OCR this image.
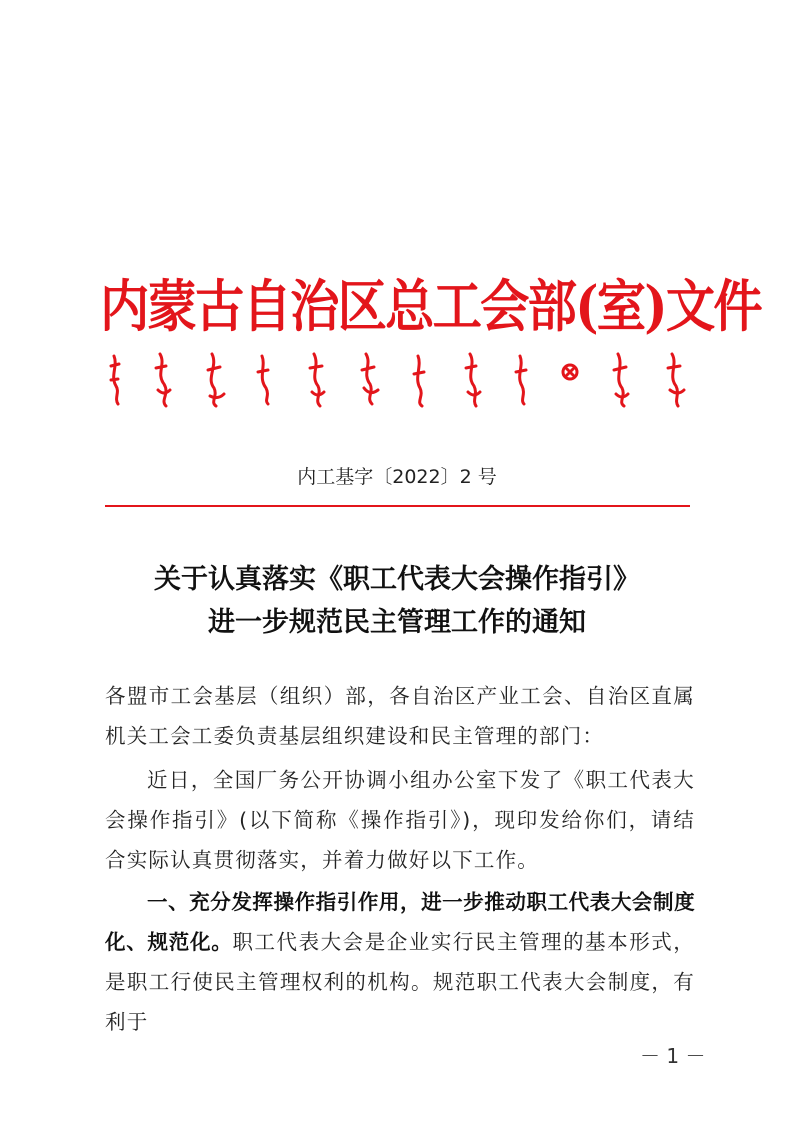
内蒙古自治区总工会部(室)文件
内工基字〔2022〕2 号
关于认真落实《职工代表大会操作指引》
进一步规范民主管理工作的通知
各盟市工会基层（组织）部，各自治区产业工会、自治区直属机关工会工委负责基层组织建设和民主管理的部门：
近日，全国厂务公开协调小组办公室下发了《职工代表大会操作指引》(以下简称《操作指引》)，现印发给你们，请结合实际认真贯彻落实，并着力做好以下工作。
一、充分发挥操作指引作用，进一步推动职工代表大会制度化、规范化。职工代表大会是企业实行民主管理的基本形式，是职工行使民主管理权利的机构。规范职工代表大会制度，有利于
－ 1 －
